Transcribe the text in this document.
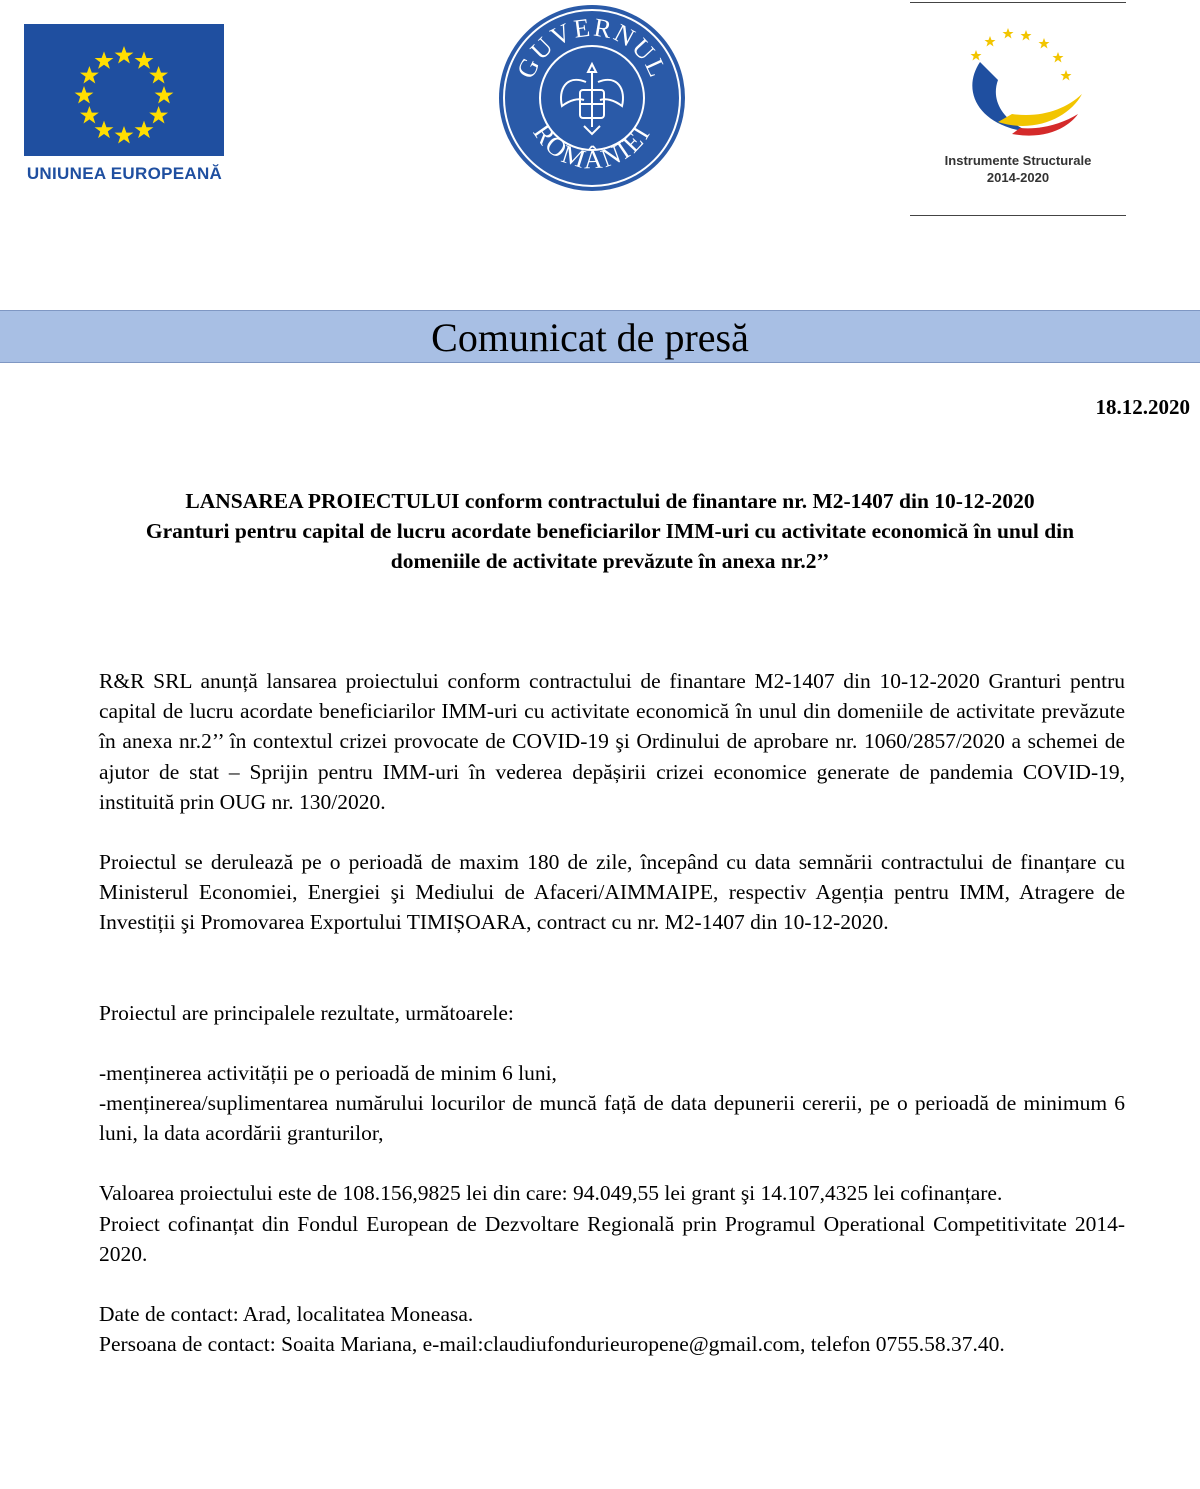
UNIUNEA EUROPEANĂ
GUVERNUL
ROMÂNIEI
Instrumente Structurale
2014-2020
Comunicat de presă
18.12.2020
LANSAREA PROIECTULUI conform contractului de finantare nr. M2-1407 din 10-12-2020
Granturi pentru capital de lucru acordate beneficiarilor IMM-uri cu activitate economică în unul din
domeniile de activitate prevăzute în anexa nr.2’’

R&R SRL anunță lansarea proiectului conform contractului de finantare M2-1407 din 10-12-2020 Granturi pentru capital de lucru acordate beneficiarilor IMM-uri cu activitate economică în unul din domeniile de activitate prevăzute în anexa nr.2’’ în contextul crizei provocate de COVID-19 şi Ordinului de aprobare nr. 1060/2857/2020 a schemei de ajutor de stat – Sprijin pentru IMM-uri în vederea depășirii crizei economice generate de pandemia COVID-19, instituită prin OUG nr. 130/2020.

Proiectul se derulează pe o perioadă de maxim 180 de zile, începând cu data semnării contractului de finanțare cu Ministerul Economiei, Energiei şi Mediului de Afaceri/AIMMAIPE, respectiv Agenția pentru IMM, Atragere de Investiții şi Promovarea Exportului TIMIȘOARA, contract cu nr. M2-1407 din 10-12-2020.

Proiectul are principalele rezultate, următoarele:

-menținerea activității pe o perioadă de minim 6 luni,

-menținerea/suplimentarea numărului locurilor de muncă față de data depunerii cererii, pe o perioadă de minimum 6 luni, la data acordării granturilor,

Valoarea proiectului este de 108.156,9825 lei din care: 94.049,55 lei grant şi 14.107,4325 lei cofinanțare.

Proiect cofinanțat din Fondul European de Dezvoltare Regională prin Programul Operational Competitivitate 2014-2020.

Date de contact: Arad, localitatea Moneasa.

Persoana de contact: Soaita Mariana, e-mail:claudiufondurieuropene@gmail.com, telefon 0755.58.37.40.
